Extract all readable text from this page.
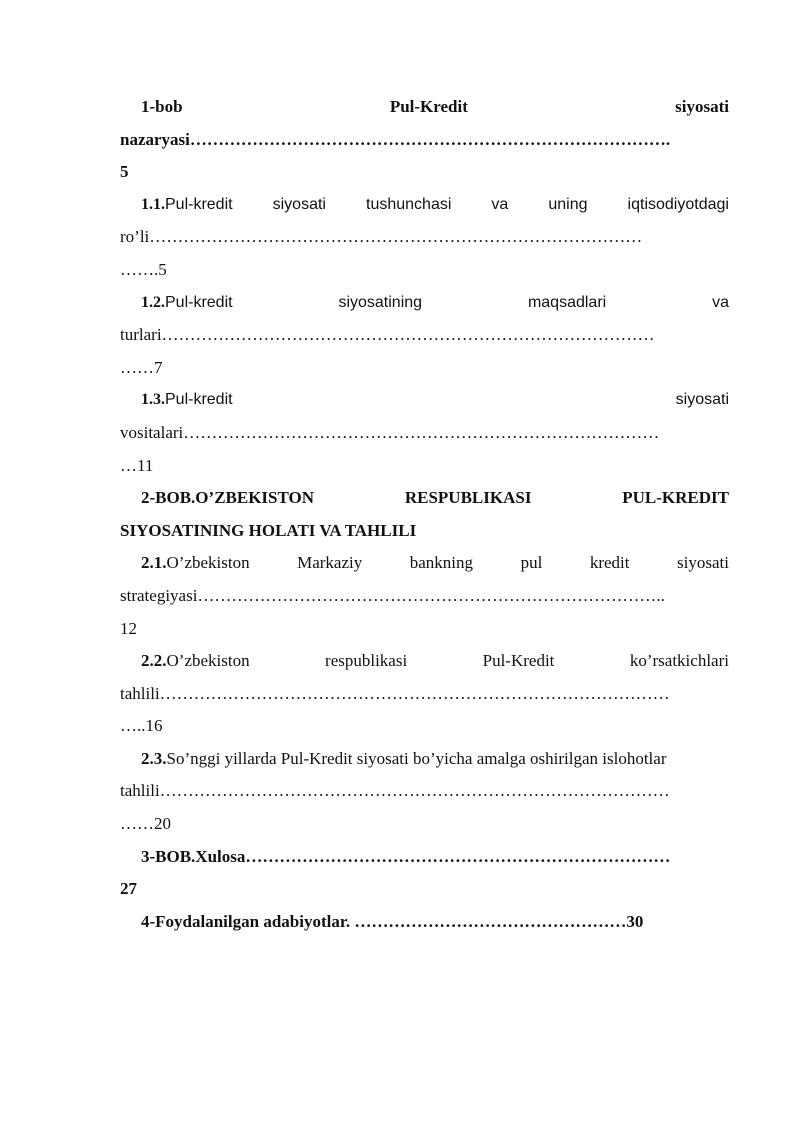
1-bob	Pul-Kredit	siyosati
nazaryasi………………………………………………………………………….
5
1.1.Pul-kredit	siyosati	tushunchasi	va	uning	iqtisodiyotdagi
ro’li……………………………………………………………………………
…….5
1.2.Pul-kredit	siyosatining	maqsadlari	va
turlari……………………………………………………………………………
……7
1.3.Pul-kredit	siyosati
vositalari…………………………………………………………………………
…11
2-BOB.O’ZBEKISTON	RESPUBLIKASI	PUL-KREDIT
SIYOSATINING HOLATI VA TAHLILI
2.1.O’zbekiston	Markaziy	bankning	pul	kredit	siyosati
strategiyasi………………………………………………………………………..
12
2.2.O’zbekiston	respublikasi	Pul-Kredit	ko’rsatkichlari
tahlili………………………………………………………………………………
…..16
2.3.So’nggi yillarda Pul-Kredit siyosati bo’yicha amalga oshirilgan islohotlar
tahlili………………………………………………………………………………
……20
3-BOB.Xulosa…………………………………………………………………
27
4-Foydalanilgan adabiyotlar. …………………………………………30
